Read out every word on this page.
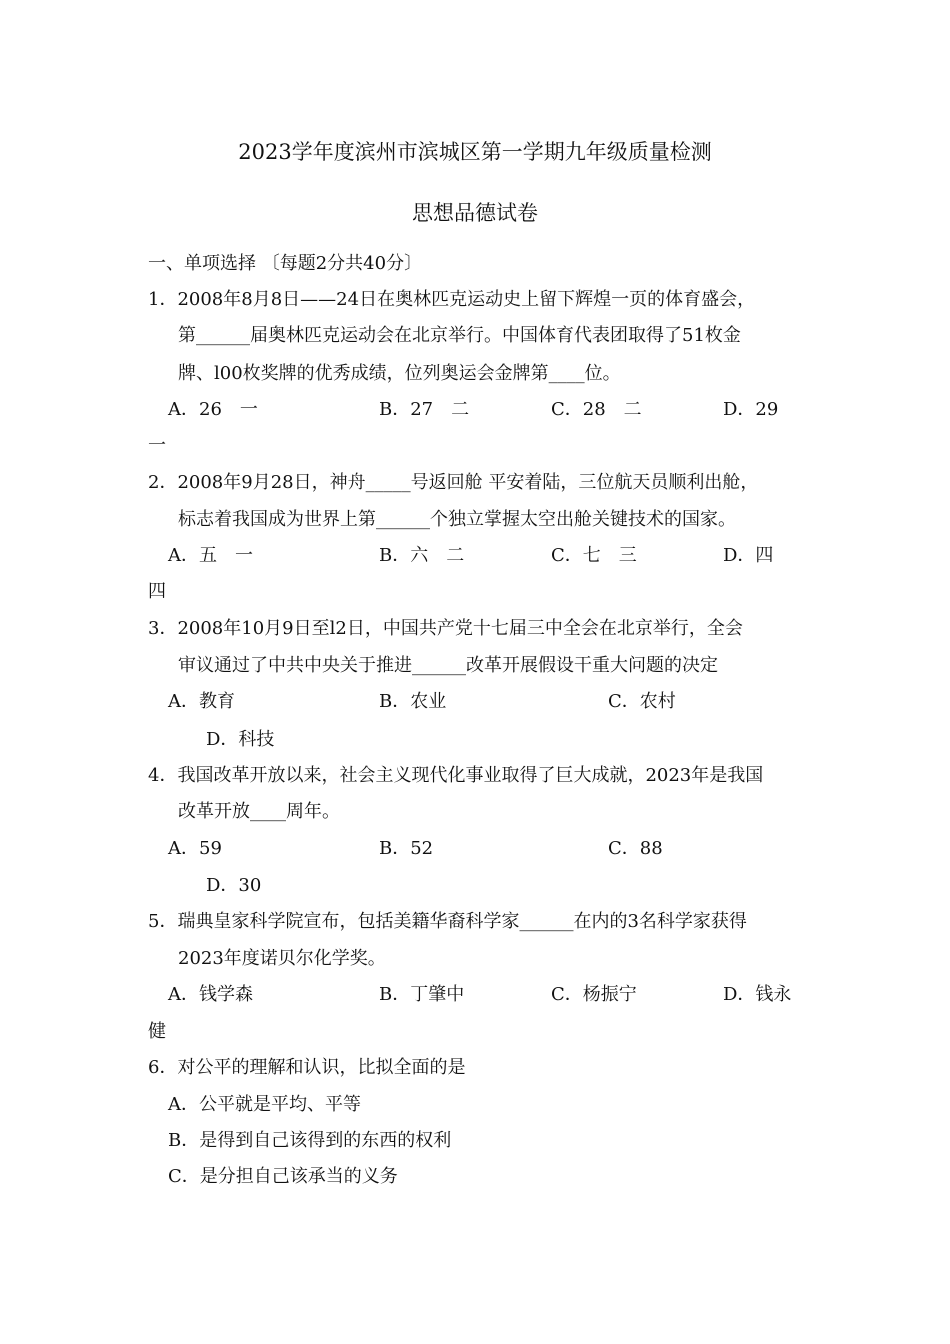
2023学年度滨州市滨城区第一学期九年级质量检测
思想品德试卷
一、单项选择 〔每题2分共40分〕
1．2008年8月8日——24日在奥林匹克运动史上留下辉煌一页的体育盛会，
第______届奥林匹克运动会在北京举行。中国体育代表团取得了51枚金
牌、l00枚奖牌的优秀成绩，位列奥运会金牌第____位。
A．26　一	B．27　二	C．28　二	D．29
一
2．2008年9月28日，神舟_____号返回舱 平安着陆，三位航天员顺利出舱，
标志着我国成为世界上第______个独立掌握太空出舱关键技术的国家。
A．五　一	B．六　二	C．七　三	D．四
四
3．2008年10月9日至l2日，中国共产党十七届三中全会在北京举行，全会
审议通过了中共中央关于推进______改革开展假设干重大问题的决定
A．教育	B．农业	C．农村
D．科技
4．我国改革开放以来，社会主义现代化事业取得了巨大成就，2023年是我国
改革开放____周年。
A．59	B．52	C．88
D．30
5．瑞典皇家科学院宣布，包括美籍华裔科学家______在内的3名科学家获得
2023年度诺贝尔化学奖。
A．钱学森	B．丁肇中	C．杨振宁	D．钱永
健
6．对公平的理解和认识，比拟全面的是
A．公平就是平均、平等
B．是得到自己该得到的东西的权利
C．是分担自己该承当的义务
